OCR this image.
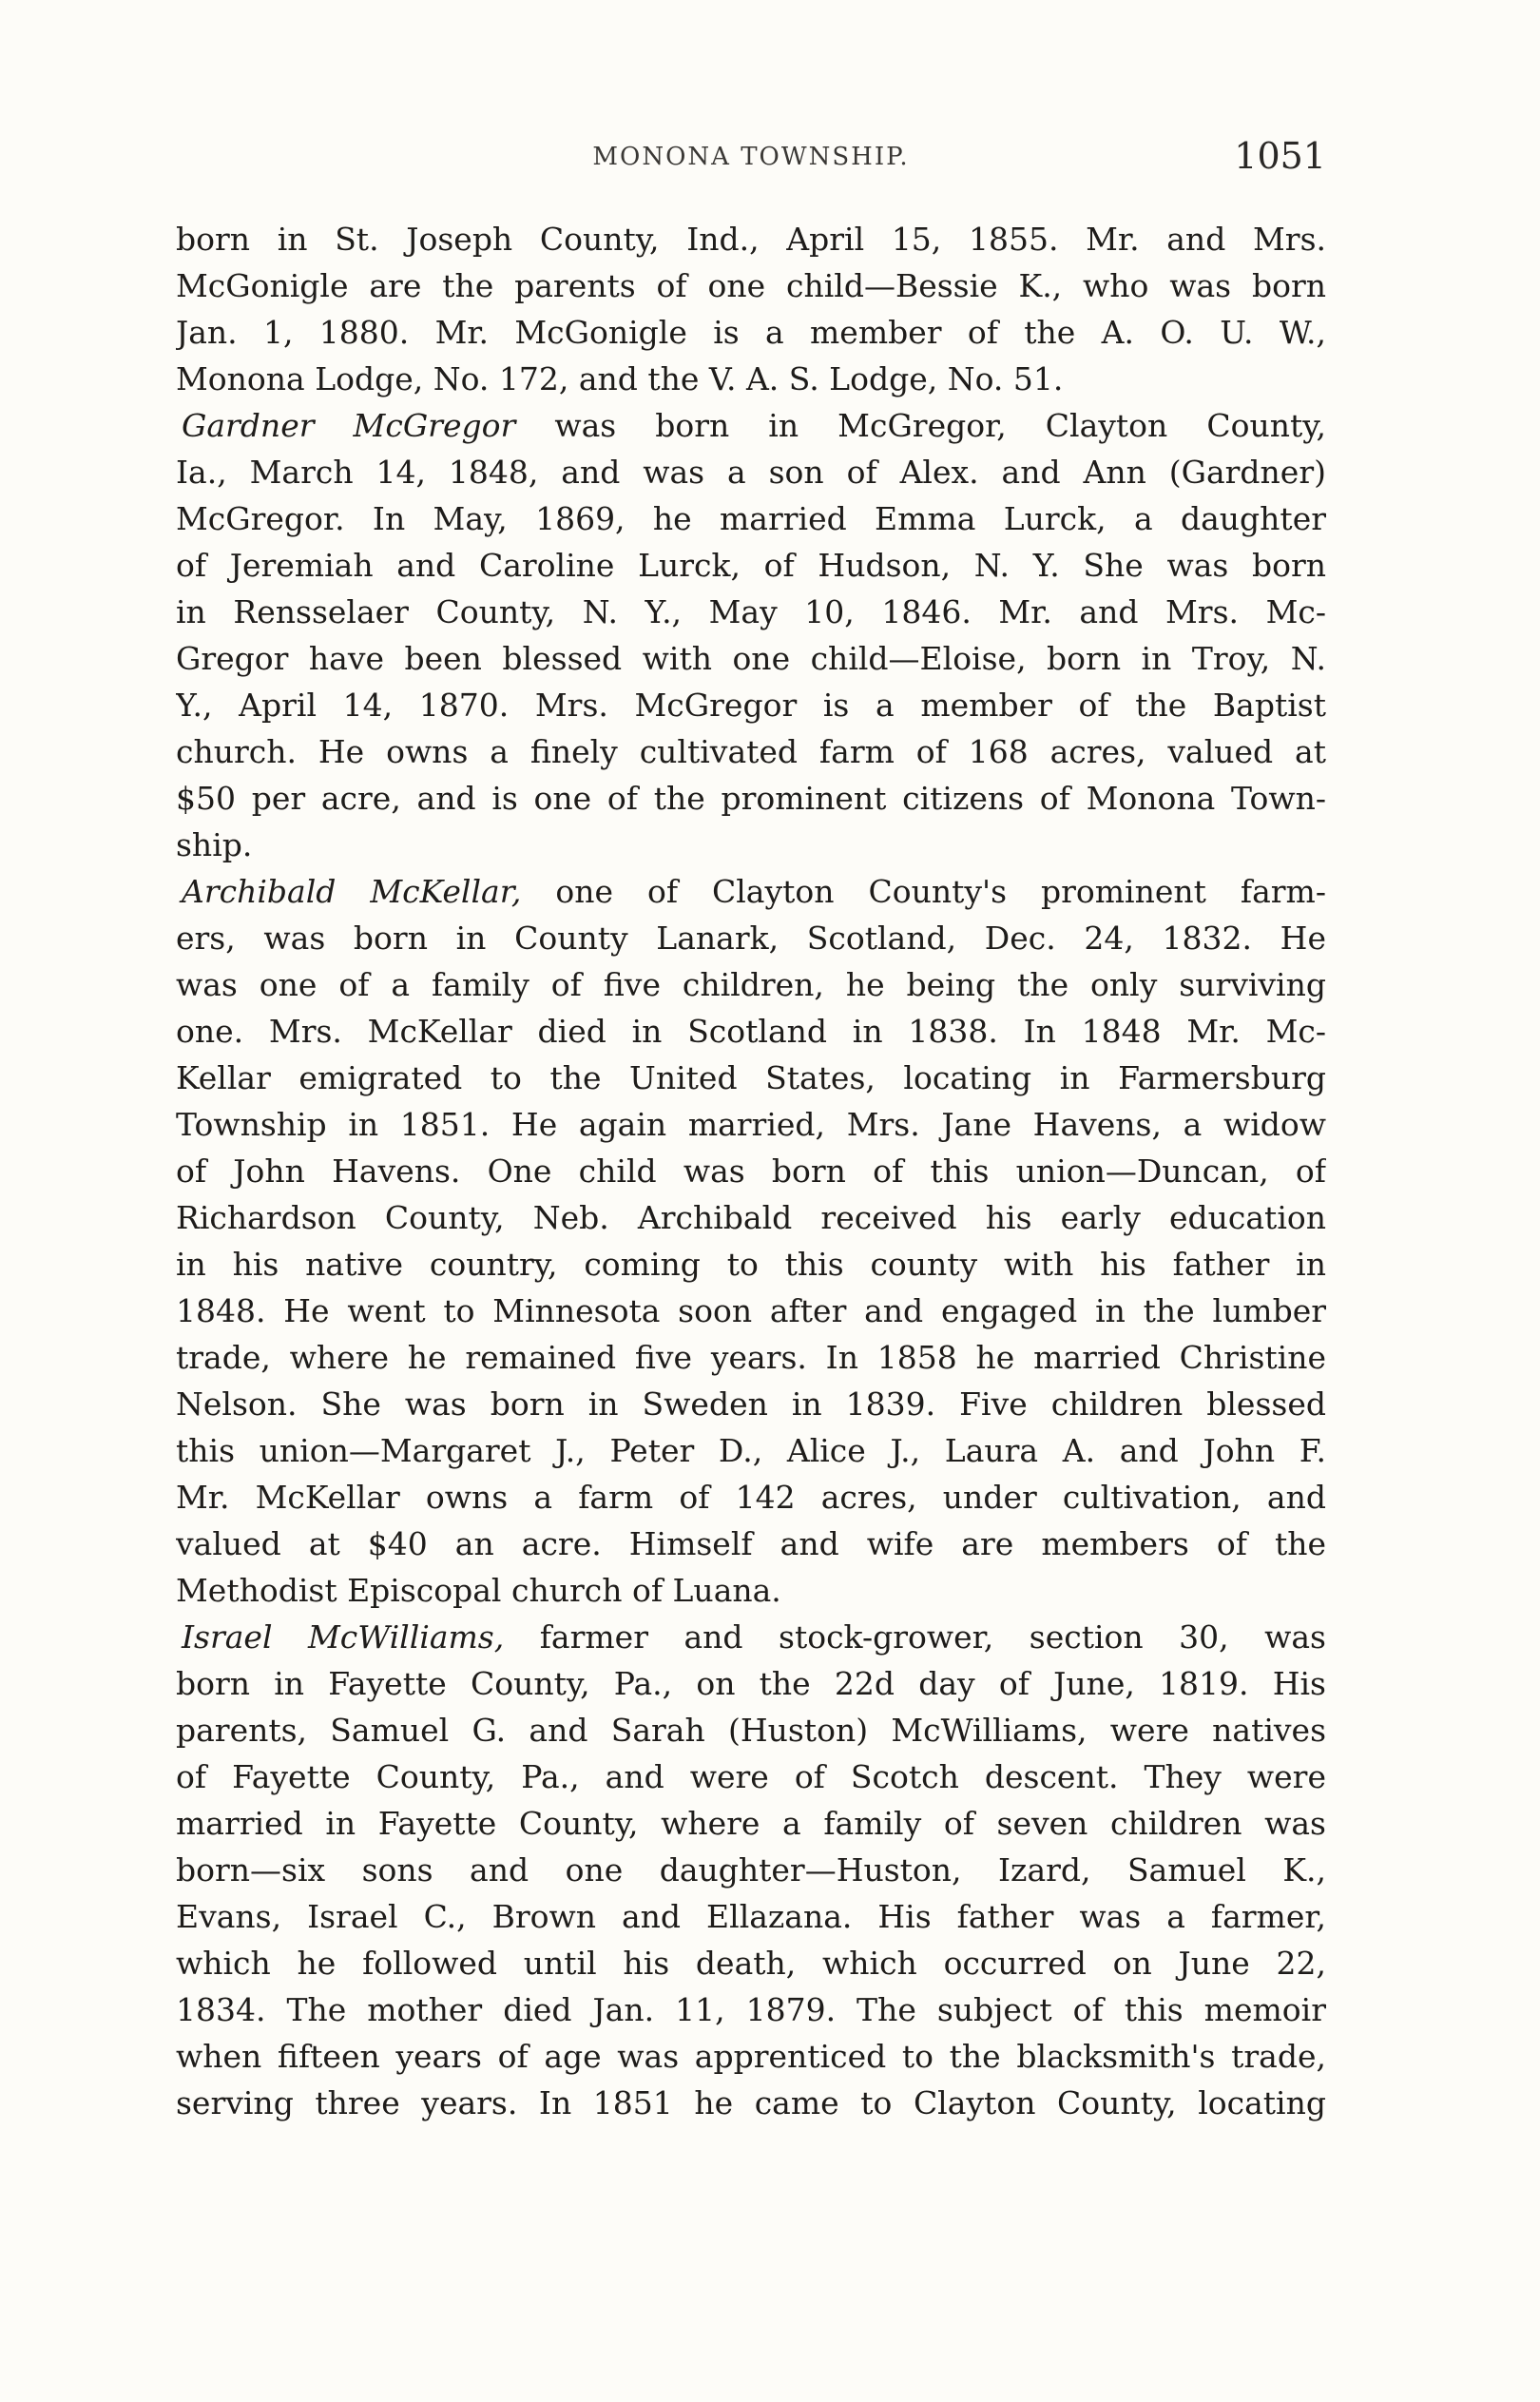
MONONA TOWNSHIP.	1051
born in St. Joseph County, Ind., April 15, 1855. Mr. and Mrs.
McGonigle are the parents of one child—Bessie K., who was born
Jan. 1, 1880. Mr. McGonigle is a member of the A. O. U. W.,
Monona Lodge, No. 172, and the V. A. S. Lodge, No. 51.
Gardner McGregor was born in McGregor, Clayton County,
Ia., March 14, 1848, and was a son of Alex. and Ann (Gardner)
McGregor. In May, 1869, he married Emma Lurck, a daughter
of Jeremiah and Caroline Lurck, of Hudson, N. Y. She was born
in Rensselaer County, N. Y., May 10, 1846. Mr. and Mrs. Mc-
Gregor have been blessed with one child—Eloise, born in Troy, N.
Y., April 14, 1870. Mrs. McGregor is a member of the Baptist
church. He owns a finely cultivated farm of 168 acres, valued at
$50 per acre, and is one of the prominent citizens of Monona Town-
ship.
Archibald McKellar, one of Clayton County's prominent farm-
ers, was born in County Lanark, Scotland, Dec. 24, 1832. He
was one of a family of five children, he being the only surviving
one. Mrs. McKellar died in Scotland in 1838. In 1848 Mr. Mc-
Kellar emigrated to the United States, locating in Farmersburg
Township in 1851. He again married, Mrs. Jane Havens, a widow
of John Havens. One child was born of this union—Duncan, of
Richardson County, Neb. Archibald received his early education
in his native country, coming to this county with his father in
1848. He went to Minnesota soon after and engaged in the lumber
trade, where he remained five years. In 1858 he married Christine
Nelson. She was born in Sweden in 1839. Five children blessed
this union—Margaret J., Peter D., Alice J., Laura A. and John F.
Mr. McKellar owns a farm of 142 acres, under cultivation, and
valued at $40 an acre. Himself and wife are members of the
Methodist Episcopal church of Luana.
Israel McWilliams, farmer and stock-grower, section 30, was
born in Fayette County, Pa., on the 22d day of June, 1819. His
parents, Samuel G. and Sarah (Huston) McWilliams, were natives
of Fayette County, Pa., and were of Scotch descent. They were
married in Fayette County, where a family of seven children was
born—six sons and one daughter—Huston, Izard, Samuel K.,
Evans, Israel C., Brown and Ellazana. His father was a farmer,
which he followed until his death, which occurred on June 22,
1834. The mother died Jan. 11, 1879. The subject of this memoir
when fifteen years of age was apprenticed to the blacksmith's trade,
serving three years. In 1851 he came to Clayton County, locating
